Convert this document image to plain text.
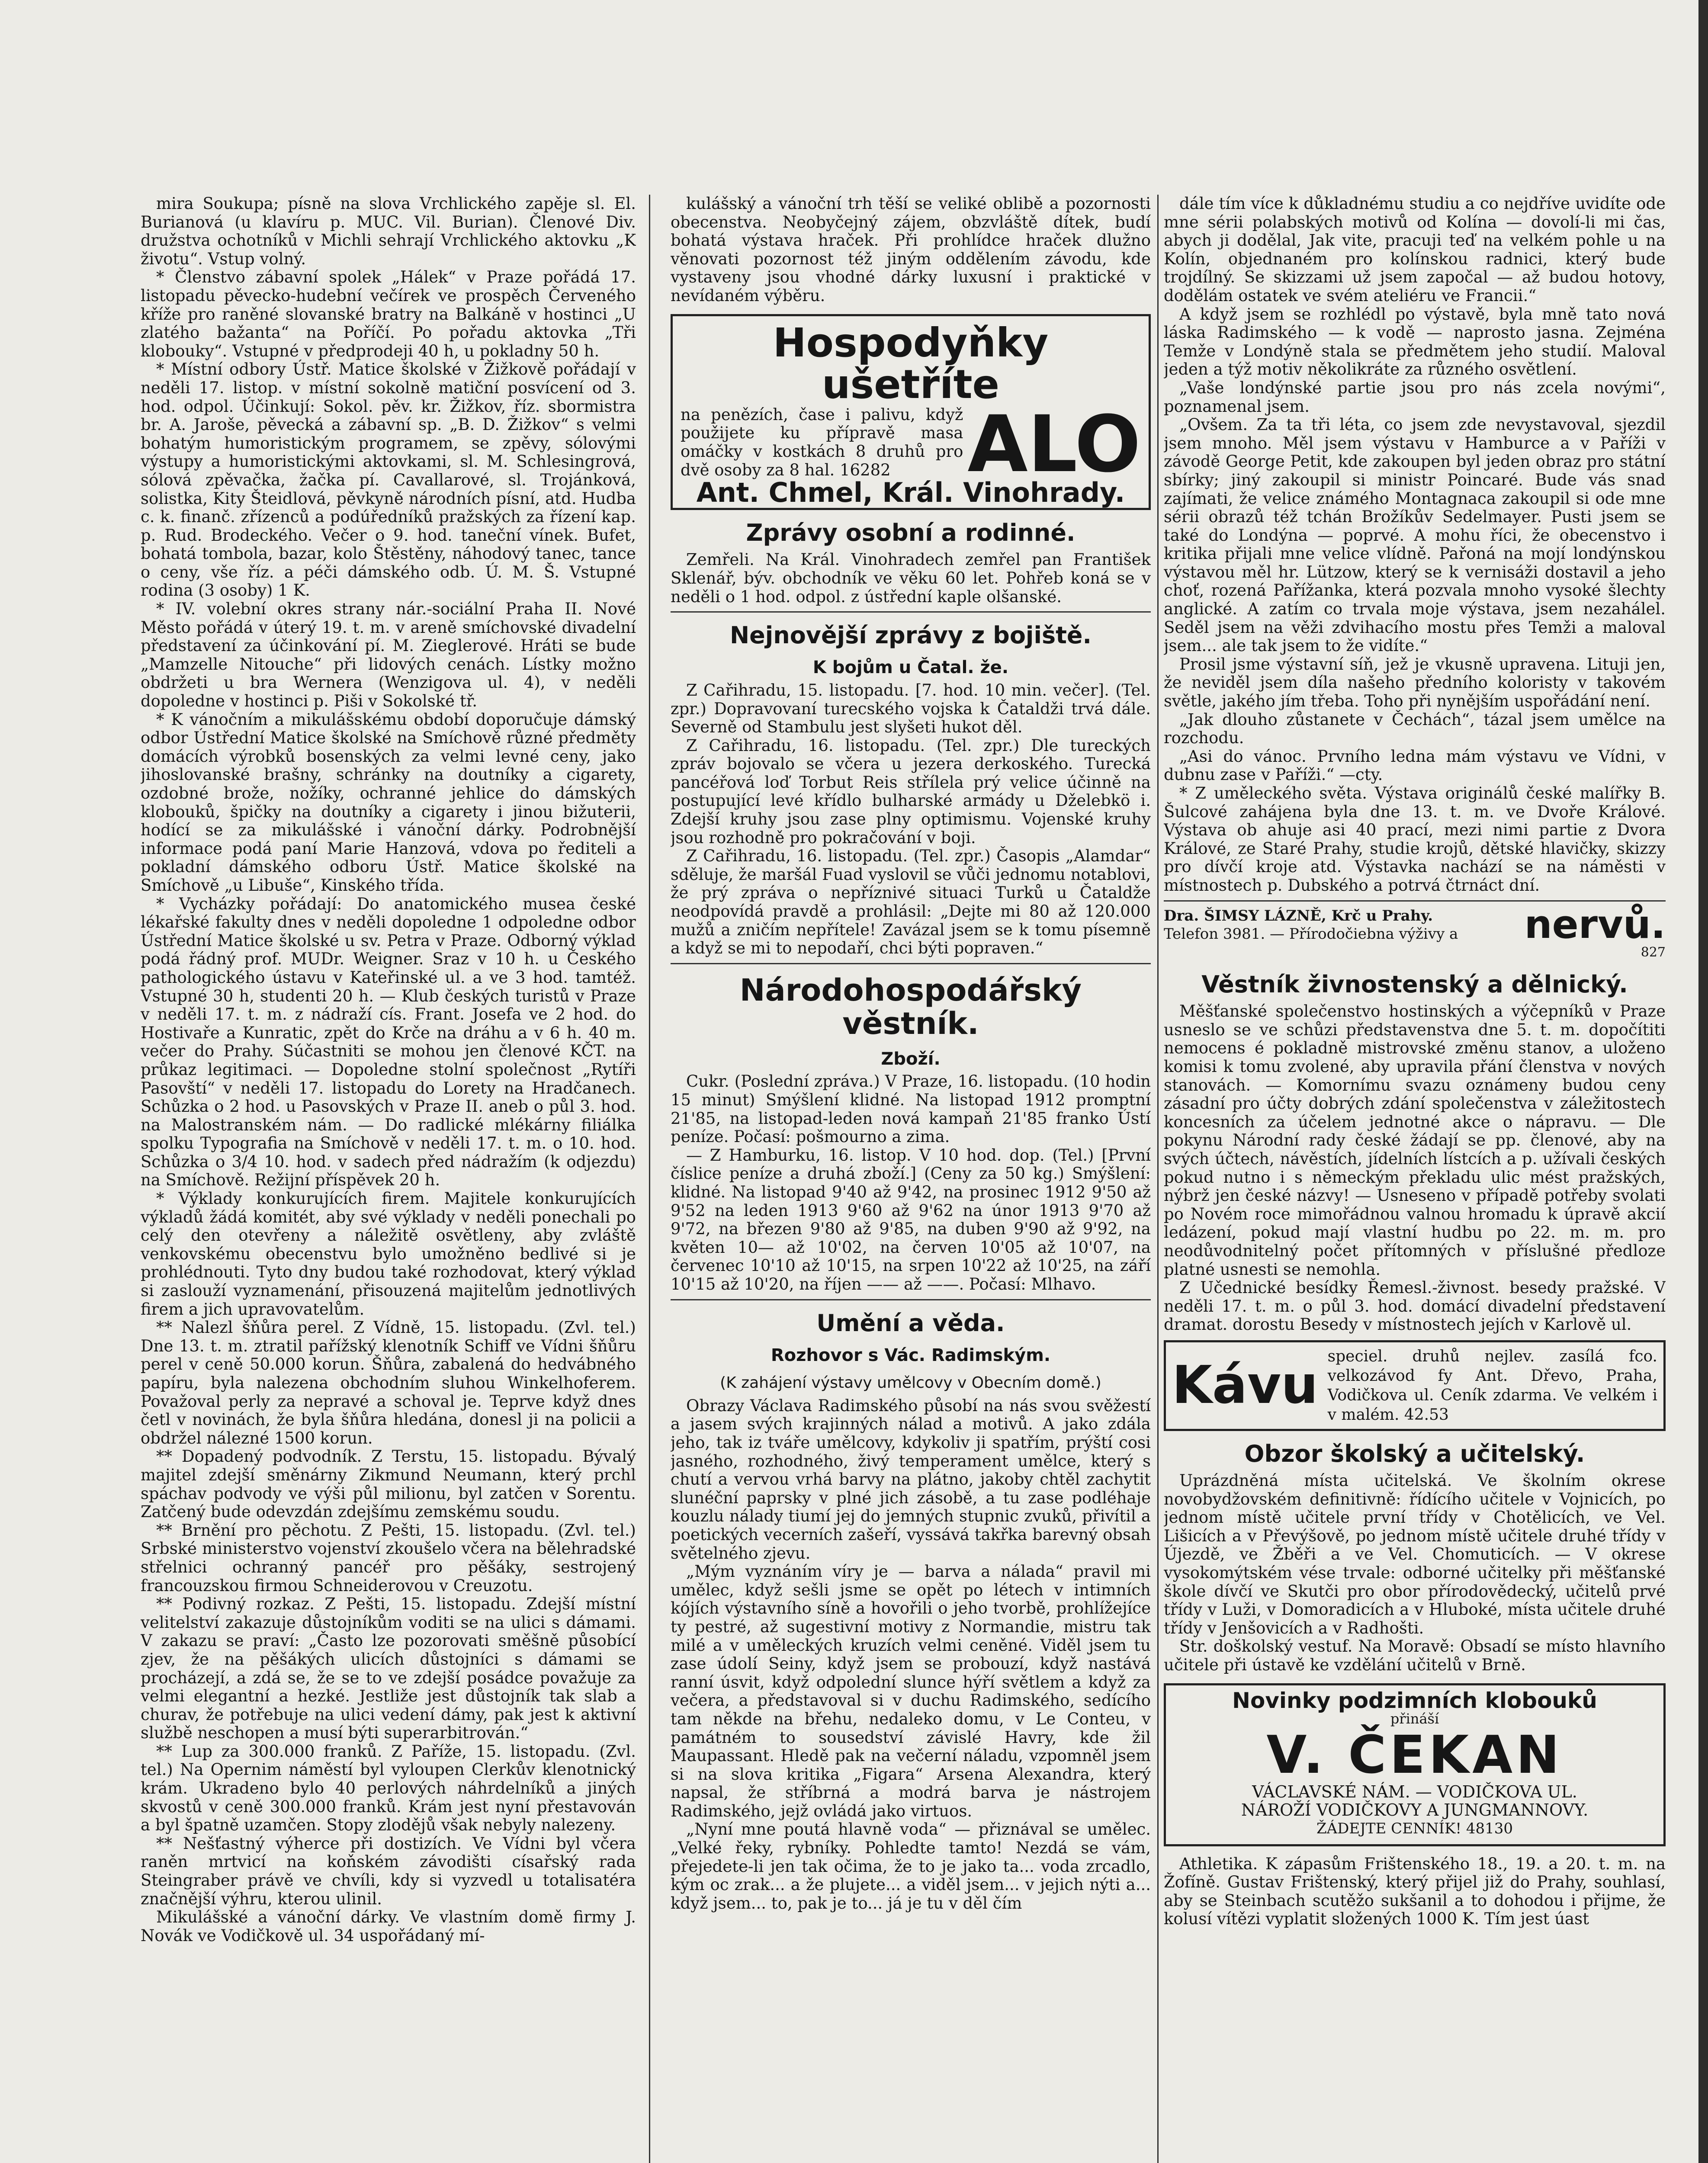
mira Soukupa; písně na slova Vrchlického zapěje sl. El. Burianová (u klavíru p. MUC. Vil. Burian). Členové Div. družstva ochotníků v Michli sehrají Vrchlického aktovku „K životu“. Vstup volný.

* Členstvo zábavní spolek „Hálek“ v Praze pořádá 17. listopadu pěvecko-hudební večírek ve prospěch Červeného kříže pro raněné slovanské bratry na Balkáně v hostinci „U zlatého bažanta“ na Poříčí. Po pořadu aktovka „Tři klobouky“. Vstupné v předprodeji 40 h, u pokladny 50 h.

* Místní odbory Ústř. Matice školské v Žižkově pořádají v neděli 17. listop. v místní sokolně matiční posvícení od 3. hod. odpol. Účinkují: Sokol. pěv. kr. Žižkov, říz. sbormistra br. A. Jaroše, pěvecká a zábavní sp. „B. D. Žižkov“ s velmi bohatým humoristickým programem, se zpěvy, sólovými výstupy a humoristickými aktovkami, sl. M. Schlesingrová, sólová zpěvačka, žačka pí. Cavallarové, sl. Trojánková, solistka, Kity Šteidlová, pěvkyně národních písní, atd. Hudba c. k. finanč. zřízenců a podúředníků pražských za řízení kap. p. Rud. Brodeckého. Večer o 9. hod. taneční vínek. Bufet, bohatá tombola, bazar, kolo Štěstěny, náhodový tanec, tance o ceny, vše říz. a péči dámského odb. Ú. M. Š. Vstupné rodina (3 osoby) 1 K.

* IV. volební okres strany nár.-sociální Praha II. Nové Město pořádá v úterý 19. t. m. v areně smíchovské divadelní představení za účinkování pí. M. Zieglerové. Hráti se bude „Mamzelle Nitouche“ při lidových cenách. Lístky možno obdržeti u bra Wernera (Wenzigova ul. 4), v neděli dopoledne v hostinci p. Piši v Sokolské tř.

* K vánočním a mikulášskému období doporučuje dámský odbor Ústřední Matice školské na Smíchově různé předměty domácích výrobků bosenských za velmi levné ceny, jako jihoslovanské brašny, schránky na doutníky a cigarety, ozdobné brože, nožíky, ochranné jehlice do dámských klobouků, špičky na doutníky a cigarety i jinou bižuterii, hodící se za mikulášské i vánoční dárky. Podrobnější informace podá paní Marie Hanzová, vdova po řediteli a pokladní dámského odboru Ústř. Matice školské na Smíchově „u Libuše“, Kinského třída.

* Vycházky pořádají: Do anatomického musea české lékařské fakulty dnes v neděli dopoledne 1 odpoledne odbor Ústřední Matice školské u sv. Petra v Praze. Odborný výklad podá řádný prof. MUDr. Weigner. Sraz v 10 h. u Českého pathologického ústavu v Kateřinské ul. a ve 3 hod. tamtéž. Vstupné 30 h, studenti 20 h. — Klub českých turistů v Praze v neděli 17. t. m. z nádraží cís. Frant. Josefa ve 2 hod. do Hostivaře a Kunratic, zpět do Krče na dráhu a v 6 h. 40 m. večer do Prahy. Súčastniti se mohou jen členové KČT. na průkaz legitimaci. — Dopoledne stolní společnost „Rytíři Pasovští“ v neděli 17. listopadu do Lorety na Hradčanech. Schůzka o 2 hod. u Pasovských v Praze II. aneb o půl 3. hod. na Malostranském nám. — Do radlické mlékárny filiálka spolku Typografia na Smíchově v neděli 17. t. m. o 10. hod. Schůzka o 3/4 10. hod. v sadech před nádražím (k odjezdu) na Smíchově. Režijní příspěvek 20 h.

* Výklady konkurujících firem. Majitele konkurujících výkladů žádá komitét, aby své výklady v neděli ponechali po celý den otevřeny a náležitě osvětleny, aby zvláště venkovskému obecenstvu bylo umožněno bedlivé si je prohlédnouti. Tyto dny budou také rozhodovat, který výklad si zaslouží vyznamenání, přisouzená majitelům jednotlivých firem a jich upravovatelům.

** Nalezl šňůra perel. Z Vídně, 15. listopadu. (Zvl. tel.) Dne 13. t. m. ztratil pařížský klenotník Schiff ve Vídni šňůru perel v ceně 50.000 korun. Šňůra, zabalená do hedvábného papíru, byla nalezena obchodním sluhou Winkelhoferem. Považoval perly za nepravé a schoval je. Teprve když dnes četl v novinách, že byla šňůra hledána, donesl ji na policii a obdržel nálezné 1500 korun.

** Dopadený podvodník. Z Terstu, 15. listopadu. Bývalý majitel zdejší směnárny Zikmund Neumann, který prchl spáchav podvody ve výši půl milionu, byl zatčen v Sorentu. Zatčený bude odevzdán zdejšímu zemskému soudu.

** Brnění pro pěchotu. Z Pešti, 15. listopadu. (Zvl. tel.) Srbské ministerstvo vojenství zkoušelo včera na bělehradské střelnici ochranný pancéř pro pěšáky, sestrojený francouzskou firmou Schneiderovou v Creuzotu.

** Podivný rozkaz. Z Pešti, 15. listopadu. Zdejší místní velitelství zakazuje důstojníkům voditi se na ulici s dámami. V zakazu se praví: „Často lze pozorovati směšně působící zjev, že na pěšákých ulicích důstojníci s dámami se procházejí, a zdá se, že se to ve zdejší posádce považuje za velmi elegantní a hezké. Jestliže jest důstojník tak slab a churav, že potřebuje na ulici vedení dámy, pak jest k aktivní službě neschopen a musí býti superarbitrován.“

** Lup za 300.000 franků. Z Paříže, 15. listopadu. (Zvl. tel.) Na Opernim náměstí byl vyloupen Clerkův klenotnický krám. Ukradeno bylo 40 perlových náhrdelníků a jiných skvostů v ceně 300.000 franků. Krám jest nyní přestavován a byl špatně uzamčen. Stopy zlodějů však nebyly nalezeny.

** Nešťastný výherce při dostizích. Ve Vídni byl včera raněn mrtvicí na koňském závodišti císařský rada Steingraber právě ve chvíli, kdy si vyzvedl u totalisatéra značnější výhru, kterou ulinil.

Mikulášské a vánoční dárky. Ve vlastním domě firmy J. Novák ve Vodičkově ul. 34 uspořádaný mí-

kulášský a vánoční trh těší se veliké oblibě a pozornosti obecenstva. Neobyčejný zájem, obzvláště dítek, budí bohatá výstava hraček. Při prohlídce hraček dlužno věnovati pozornost též jiným oddělením závodu, kde vystaveny jsou vhodné dárky luxusní i praktické v nevídaném výběru.

Hospodyňky ušetříte
ALO
na penězích, čase i palivu, když použijete ku přípravě masa omáčky v kostkách 8 druhů pro dvě osoby za 8 hal. 16282
Ant. Chmel, Král. Vinohrady.
Zprávy osobní a rodinné.

Zemřeli. Na Král. Vinohradech zemřel pan František Sklenář, býv. obchodník ve věku 60 let. Pohřeb koná se v neděli o 1 hod. odpol. z ústřední kaple olšanské.

Nejnovější zprávy z bojiště.
K bojům u Čatal. že.

Z Cařihradu, 15. listopadu. [7. hod. 10 min. večer]. (Tel. zpr.) Dopravovaní turecského vojska k Čataldži trvá dále. Severně od Stambulu jest slyšeti hukot děl.

Z Cařihradu, 16. listopadu. (Tel. zpr.) Dle tureckých zpráv bojovalo se včera u jezera derkoského. Turecká pancéřová loď Torbut Reis střílela prý velice účinně na postupující levé křídlo bulharské armády u Dželebkö i. Zdejší kruhy jsou zase plny optimismu. Vojenské kruhy jsou rozhodně pro pokračování v boji.

Z Cařihradu, 16. listopadu. (Tel. zpr.) Časopis „Alamdar“ sděluje, že maršál Fuad vyslovil se vůči jednomu notablovi, že prý zpráva o nepříznivé situaci Turků u Čataldže neodpovídá pravdě a prohlásil: „Dejte mi 80 až 120.000 mužů a zničím nepřítele! Zavázal jsem se k tomu písemně a když se mi to nepodaří, chci býti popraven.“

Národohospodářský věstník.
Zboží.

Cukr. (Poslední zpráva.) V Praze, 16. listopadu. (10 hodin 15 minut) Smýšlení klidné. Na listopad 1912 promptní 21'85, na listopad-leden nová kampaň 21'85 franko Ústí peníze. Počasí: pošmourno a zima.

— Z Hamburku, 16. listop. V 10 hod. dop. (Tel.) [První číslice peníze a druhá zboží.] (Ceny za 50 kg.) Smýšlení: klidné. Na listopad 9'40 až 9'42, na prosinec 1912 9'50 až 9'52 na leden 1913 9'60 až 9'62 na únor 1913 9'70 až 9'72, na březen 9'80 až 9'85, na duben 9'90 až 9'92, na květen 10— až 10'02, na červen 10'05 až 10'07, na červenec 10'10 až 10'15, na srpen 10'22 až 10'25, na září 10'15 až 10'20, na říjen —— až ——. Počasí: Mlhavo.

Umění a věda.
Rozhovor s Vác. Radimským.
(K zahájení výstavy umělcovy v Obecním domě.)

Obrazy Václava Radimského působí na nás svou svěžestí a jasem svých krajinných nálad a motivů. A jako zdála jeho, tak iz tváře umělcovy, kdykoliv ji spatřím, prýští cosi jasného, rozhodného, živý temperament umělce, který s chutí a vervou vrhá barvy na plátno, jakoby chtěl zachytit slunéční paprsky v plné jich zásobě, a tu zase podléhaje kouzlu nálady tiumí jej do jemných stupnic zvuků, přivítil a poetických vecerních zašeří, vyssává takřka barevný obsah světelného zjevu.

„Mým vyznáním víry je — barva a nálada“ pravil mi umělec, když sešli jsme se opět po létech v intimních kójích výstavního síně a hovořili o jeho tvorbě, prohlížejíce ty pestré, až sugestivní motivy z Normandie, mistru tak milé a v uměleckých kruzích velmi ceněné. Viděl jsem tu zase údolí Seiny, když jsem se probouzí, když nastává ranní úsvit, když odpolední slunce hýří světlem a když za večera, a představoval si v duchu Radimského, sedícího tam někde na břehu, nedaleko domu, v Le Conteu, v památném to sousedství závislé Havry, kde žil Maupassant. Hledě pak na večerní náladu, vzpomněl jsem si na slova kritika „Figara“ Arsena Alexandra, který napsal, že stříbrná a modrá barva je nástrojem Radimského, jejž ovládá jako virtuos.

„Nyní mne poutá hlavně voda“ — přiznával se umělec. „Velké řeky, rybníky. Pohledte tamto! Nezdá se vám, přejedete-li jen tak očima, že to je jako ta... voda zrcadlo, kým oc zrak... a že plujete... a viděl jsem... v jejich nýti a... když jsem... to, pak je to... já je tu v děl čím

dále tím více k důkladnému studiu a co nejdříve uvidíte ode mne sérii polabských motivů od Kolína — dovolí-li mi čas, abych ji dodělal, Jak vite, pracuji teď na velkém pohle u na Kolín, objednaném pro kolínskou radnici, který bude trojdílný. Se skizzami už jsem započal — až budou hotovy, dodělám ostatek ve svém ateliéru ve Francii.“

A když jsem se rozhlédl po výstavě, byla mně tato nová láska Radimského — k vodě — naprosto jasna. Zejména Temže v Londýně stala se předmětem jeho studií. Maloval jeden a týž motiv několikráte za různého osvětlení.

„Vaše londýnské partie jsou pro nás zcela novými“, poznamenal jsem.

„Ovšem. Za ta tři léta, co jsem zde nevystavoval, sjezdil jsem mnoho. Měl jsem výstavu v Hamburce a v Paříži v závodě George Petit, kde zakoupen byl jeden obraz pro státní sbírky; jiný zakoupil si ministr Poincaré. Bude vás snad zajímati, že velice známého Montagnaca zakoupil si ode mne sérii obrazů též tchán Brožíkův Sedelmayer. Pusti jsem se také do Londýna — poprvé. A mohu říci, že obecenstvo i kritika přijali mne velice vlídně. Pařoná na mojí londýnskou výstavou měl hr. Lützow, který se k vernisáži dostavil a jeho choť, rozená Pařížanka, která pozvala mnoho vysoké šlechty anglické. A zatím co trvala moje výstava, jsem nezahálel. Seděl jsem na věži zdvihacího mostu přes Temži a maloval jsem... ale tak jsem to že vidíte.“

Prosil jsme výstavní síň, jež je vkusně upravena. Lituji jen, že neviděl jsem díla našeho předního koloristy v takovém světle, jakého jím třeba. Toho při nynějším uspořádání není.

„Jak dlouho zůstanete v Čechách“, tázal jsem umělce na rozchodu.

„Asi do vánoc. Prvního ledna mám výstavu ve Vídni, v dubnu zase v Paříži.“ —cty.

* Z uměleckého světa. Výstava originálů české malířky B. Šulcové zahájena byla dne 13. t. m. ve Dvoře Králové. Výstava ob ahuje asi 40 prací, mezi nimi partie z Dvora Králové, ze Staré Prahy, studie krojů, dětské hlavičky, skizzy pro dívčí kroje atd. Výstavka nachází se na náměsti v místnostech p. Dubského a potrvá čtrnáct dní.

Dra. ŠIMSY LÁZNĚ, Krč u Prahy.
Telefon 3981. — Přírodočiebna výživy a nervů.
827
Věstník živnostenský a dělnický.

Měšťanské společenstvo hostinských a výčepníků v Praze usneslo se ve schůzi představenstva dne 5. t. m. dopočítiti nemocens é pokladně mistrovské změnu stanov, a uloženo komisi k tomu zvolené, aby upravila přání členstva v nových stanovách. — Komornímu svazu oznámeny budou ceny zásadní pro účty dobrých zdání společenstva v záležitostech koncesních za účelem jednotné akce o nápravu. — Dle pokynu Národní rady české žádají se pp. členové, aby na svých účtech, návěstích, jídelních lístcích a p. užívali českých pokud nutno i s německým překladu ulic mést pražských, nýbrž jen české názvy! — Usneseno v případě potřeby svolati po Novém roce mimořádnou valnou hromadu k úpravě akcií ledázení, pokud mají vlastní hudbu po 22. m. m. pro neodůvodnitelný počet přítomných v příslušné předloze platné usnesti se nemohla.

Z Učednické besídky Řemesl.-živnost. besedy pražské. V neděli 17. t. m. o půl 3. hod. domácí divadelní představení dramat. dorostu Besedy v místnostech jejích v Karlově ul.

Kávu speciel. druhů nejlev. zasílá fco. velkozávod fy Ant. Dřevo, Praha, Vodičkova ul. Ceník zdarma. Ve velkém i v malém. 42.53
Obzor školský a učitelský.

Uprázdněná místa učitelská. Ve školním okrese novobydžovském definitivně: řídícího učitele v Vojnicích, po jednom místě učitele první třídy v Chotělicích, ve Vel. Lišicích a v Převýšově, po jednom místě učitele druhé třídy v Újezdě, ve Žběři a ve Vel. Chomuticích. — V okrese vysokomýtském vése trvale: odborné učitelky při měšťanské škole dívčí ve Skutči pro obor přírodovědecký, učitelů prvé třídy v Luži, v Domoradicích a v Hluboké, místa učitele druhé třídy v Jenšovicích a v Radhošti.

Str. doškolský vestuf. Na Moravě: Obsadí se místo hlavního učitele při ústavě ke vzdělání učitelů v Brně.

Novinky podzimních klobouků
přináší
V. ČEKAN
VÁCLAVSKÉ NÁM. — VODIČKOVA UL.
NÁROŽÍ VODIČKOVY A JUNGMANNOVY.
ŽÁDEJTE CENNÍK! 48130

Athletika. K zápasům Frištenského 18., 19. a 20. t. m. na Žofíně. Gustav Frištenský, který přijel již do Prahy, souhlasí, aby se Steinbach scutěžo sukšanil a to dohodou i přijme, že kolusí vítězi vyplatit složených 1000 K. Tím jest úast
